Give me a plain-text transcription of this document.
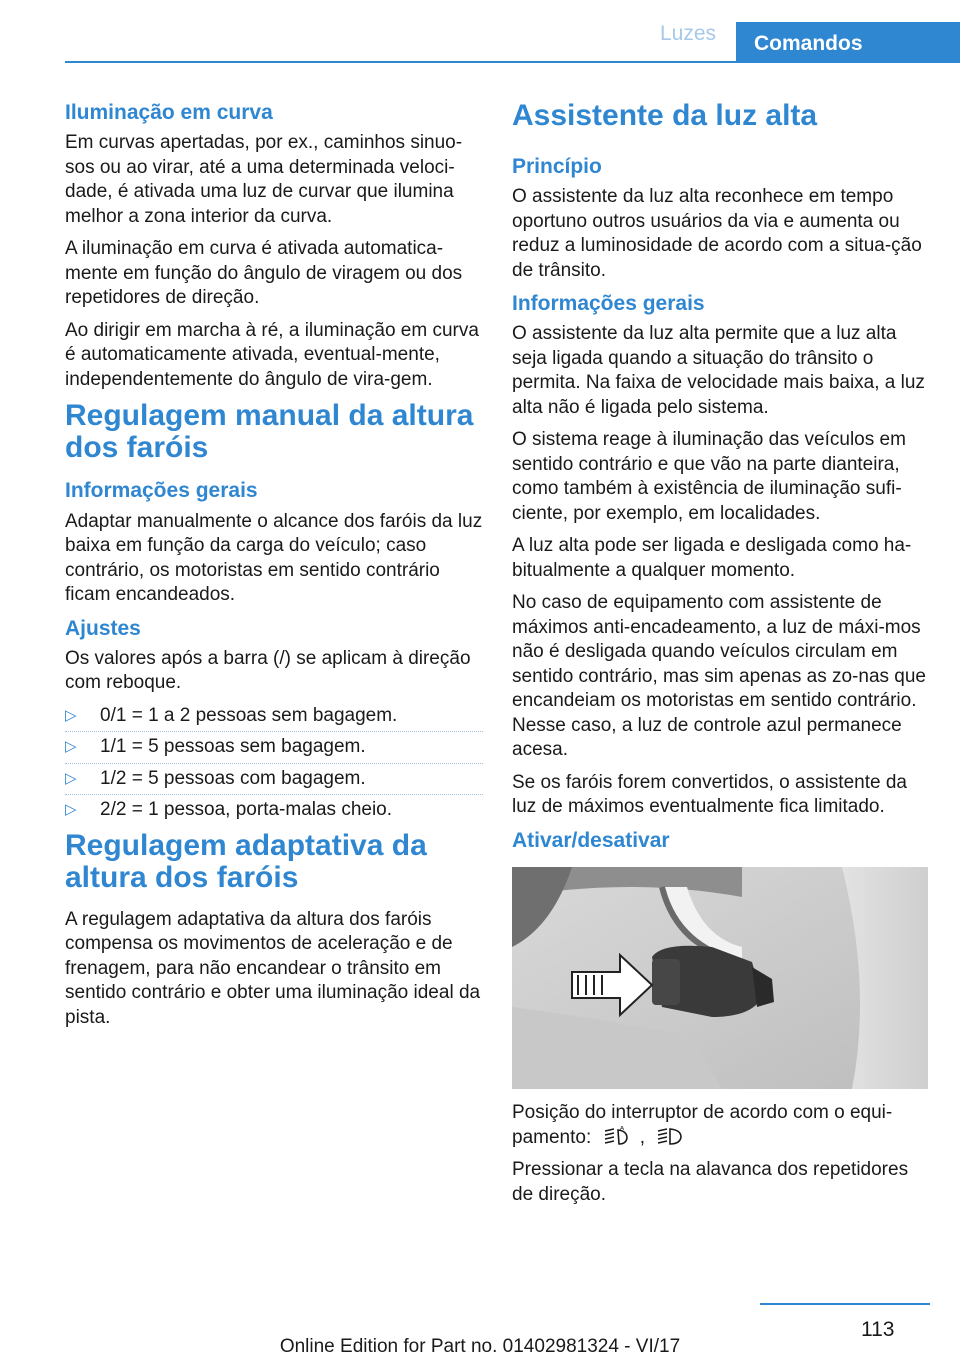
Luzes	Comandos
Iluminação em curva

Em curvas apertadas, por ex., caminhos sinuo‐sos ou ao virar, até a uma determinada veloci‐dade, é ativada uma luz de curvar que ilumina melhor a zona interior da curva.

A iluminação em curva é ativada automatica‐mente em função do ângulo de viragem ou dos repetidores de direção.

Ao dirigir em marcha à ré, a iluminação em curva é automaticamente ativada, eventual‐mente, independentemente do ângulo de vira‐gem.

Regulagem manual da altura dos faróis
Informações gerais

Adaptar manualmente o alcance dos faróis da luz baixa em função da carga do veículo; caso contrário, os motoristas em sentido contrário ficam encandeados.

Ajustes

Os valores após a barra (/) se aplicam à direção com reboque.

▷ 0/1 = 1 a 2 pessoas sem bagagem.
▷ 1/1 = 5 pessoas sem bagagem.
▷ 1/2 = 5 pessoas com bagagem.
▷ 2/2 = 1 pessoa, porta-malas cheio.
Regulagem adaptativa da altura dos faróis

A regulagem adaptativa da altura dos faróis compensa os movimentos de aceleração e de frenagem, para não encandear o trânsito em sentido contrário e obter uma iluminação ideal da pista.

Assistente da luz alta
Princípio

O assistente da luz alta reconhece em tempo oportuno outros usuários da via e aumenta ou reduz a luminosidade de acordo com a situa‐ção de trânsito.

Informações gerais

O assistente da luz alta permite que a luz alta seja ligada quando a situação do trânsito o permita. Na faixa de velocidade mais baixa, a luz alta não é ligada pelo sistema.

O sistema reage à iluminação das veículos em sentido contrário e que vão na parte dianteira, como também à existência de iluminação sufi‐ciente, por exemplo, em localidades.

A luz alta pode ser ligada e desligada como ha‐bitualmente a qualquer momento.

No caso de equipamento com assistente de máximos anti-encadeamento, a luz de máxi‐mos não é desligada quando veículos circulam em sentido contrário, mas sim apenas as zo‐nas que encandeiam os motoristas em sentido contrário. Nesse caso, a luz de controle azul permanece acesa.

Se os faróis forem convertidos, o assistente da luz de máximos eventualmente fica limitado.

Ativar/desativar

Posição do interruptor de acordo com o equi‐pamento:	A ,

Pressionar a tecla na alavanca dos repetidores de direção.

113
Online Edition for Part no. 01402981324 - VI/17
